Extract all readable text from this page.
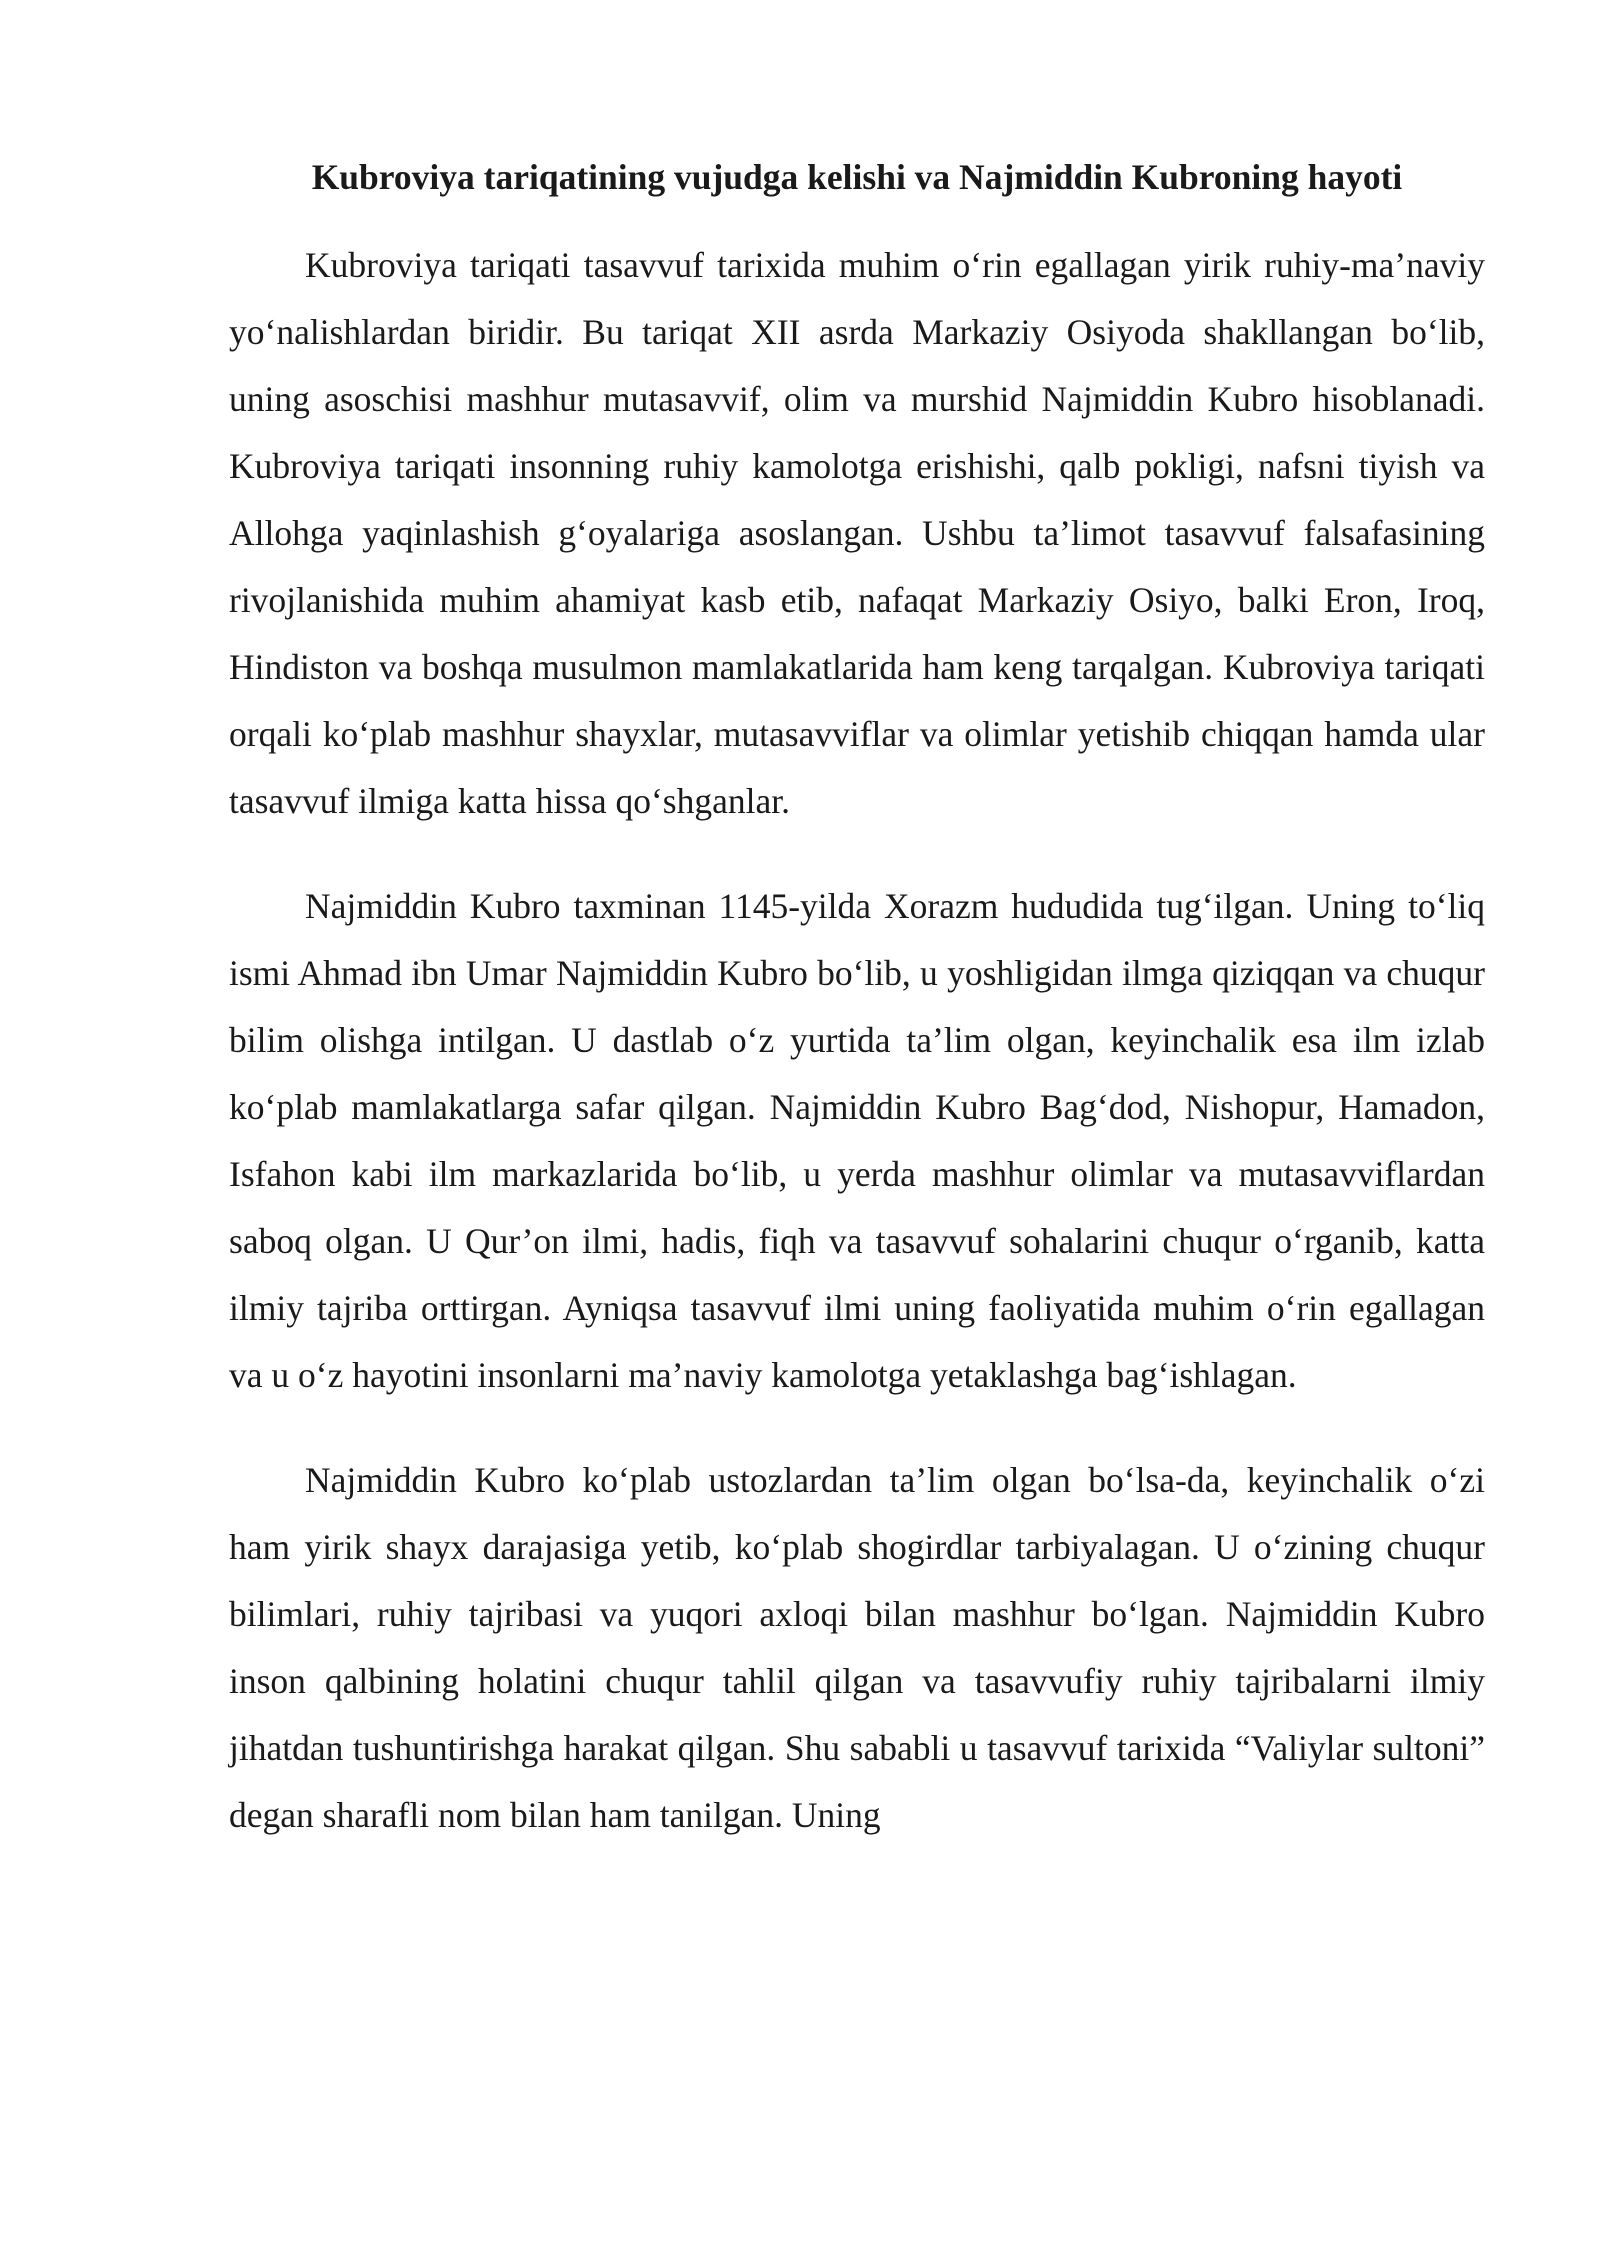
Kubroviya tariqatining vujudga kelishi va Najmiddin Kubroning hayoti

Kubroviya tariqati tasavvuf tarixida muhim o‘rin egallagan yirik ruhiy-ma’naviy yo‘nalishlardan biridir. Bu tariqat XII asrda Markaziy Osiyoda shakllangan bo‘lib, uning asoschisi mashhur mutasavvif, olim va murshid Najmiddin Kubro hisoblanadi. Kubroviya tariqati insonning ruhiy kamolotga erishishi, qalb pokligi, nafsni tiyish va Allohga yaqinlashish g‘oyalariga asoslangan. Ushbu ta’limot tasavvuf falsafasining rivojlanishida muhim ahamiyat kasb etib, nafaqat Markaziy Osiyo, balki Eron, Iroq, Hindiston va boshqa musulmon mamlakatlarida ham keng tarqalgan. Kubroviya tariqati orqali ko‘plab mashhur shayxlar, mutasavviflar va olimlar yetishib chiqqan hamda ular tasavvuf ilmiga katta hissa qo‘shganlar.

Najmiddin Kubro taxminan 1145-yilda Xorazm hududida tug‘ilgan. Uning to‘liq ismi Ahmad ibn Umar Najmiddin Kubro bo‘lib, u yoshligidan ilmga qiziqqan va chuqur bilim olishga intilgan. U dastlab o‘z yurtida ta’lim olgan, keyinchalik esa ilm izlab ko‘plab mamlakatlarga safar qilgan. Najmiddin Kubro Bag‘dod, Nishopur, Hamadon, Isfahon kabi ilm markazlarida bo‘lib, u yerda mashhur olimlar va mutasavviflardan saboq olgan. U Qur’on ilmi, hadis, fiqh va tasavvuf sohalarini chuqur o‘rganib, katta ilmiy tajriba orttirgan. Ayniqsa tasavvuf ilmi uning faoliyatida muhim o‘rin egallagan va u o‘z hayotini insonlarni ma’naviy kamolotga yetaklashga bag‘ishlagan.

Najmiddin Kubro ko‘plab ustozlardan ta’lim olgan bo‘lsa-da, keyinchalik o‘zi ham yirik shayx darajasiga yetib, ko‘plab shogirdlar tarbiyalagan. U o‘zining chuqur bilimlari, ruhiy tajribasi va yuqori axloqi bilan mashhur bo‘lgan. Najmiddin Kubro inson qalbining holatini chuqur tahlil qilgan va tasavvufiy ruhiy tajribalarni ilmiy jihatdan tushuntirishga harakat qilgan. Shu sababli u tasavvuf tarixida “Valiylar sultoni” degan sharafli nom bilan ham tanilgan. Uning
